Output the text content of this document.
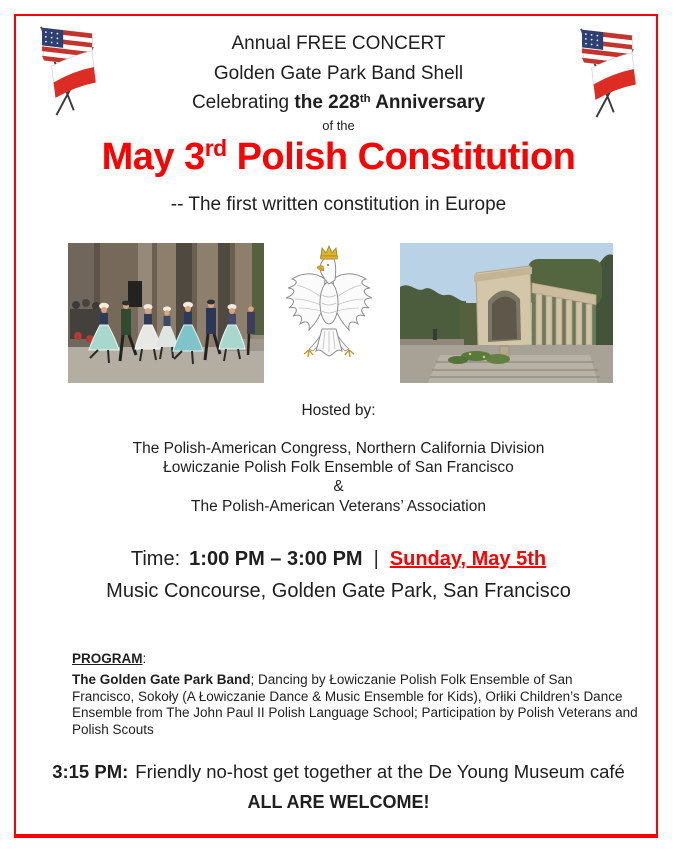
Annual FREE CONCERT
Golden Gate Park Band Shell
Celebrating the 228th Anniversary
of the
May 3rd Polish Constitution
-- The first written constitution in Europe
Hosted by:
The Polish-American Congress, Northern California Division
Łowiczanie Polish Folk Ensemble of San Francisco
&
The Polish-American Veterans’ Association
Time: 1:00 PM – 3:00 PM | Sunday, May 5th
Music Concourse, Golden Gate Park, San Francisco
PROGRAM:

The Golden Gate Park Band; Dancing by Łowiczanie Polish Folk Ensemble of San Francisco, Sokoły (A Łowiczanie Dance & Music Ensemble for Kids), Orłiki Children’s Dance Ensemble from The John Paul II Polish Language School; Participation by Polish Veterans and Polish Scouts

3:15 PM: Friendly no-host get together at the De Young Museum café
ALL ARE WELCOME!
